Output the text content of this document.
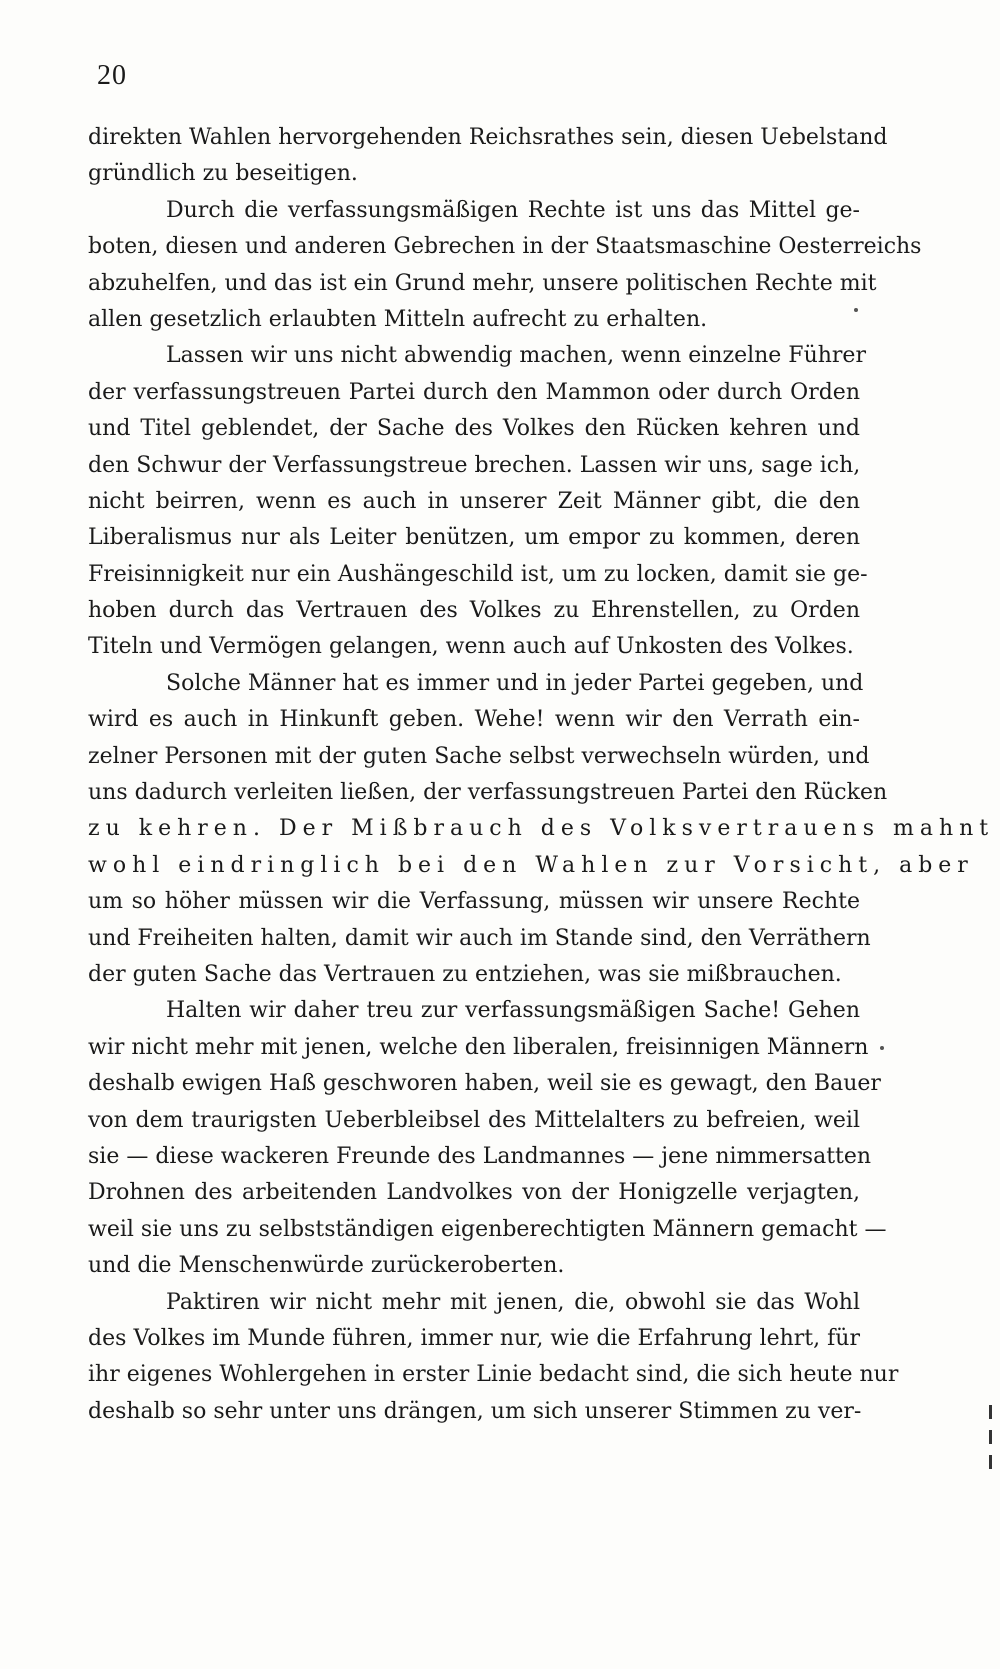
20
direkten Wahlen hervorgehenden Reichsrathes sein, diesen Uebelstand
gründlich zu beseitigen.
Durch die verfassungsmäßigen Rechte ist uns das Mittel ge-
boten, diesen und anderen Gebrechen in der Staatsmaschine Oesterreichs
abzuhelfen, und das ist ein Grund mehr, unsere politischen Rechte mit
allen gesetzlich erlaubten Mitteln aufrecht zu erhalten.
Lassen wir uns nicht abwendig machen, wenn einzelne Führer
der verfassungstreuen Partei durch den Mammon oder durch Orden
und Titel geblendet, der Sache des Volkes den Rücken kehren und
den Schwur der Verfassungstreue brechen. Lassen wir uns, sage ich,
nicht beirren, wenn es auch in unserer Zeit Männer gibt, die den
Liberalismus nur als Leiter benützen, um empor zu kommen, deren
Freisinnigkeit nur ein Aushängeschild ist, um zu locken, damit sie ge-
hoben durch das Vertrauen des Volkes zu Ehrenstellen, zu Orden
Titeln und Vermögen gelangen, wenn auch auf Unkosten des Volkes.
Solche Männer hat es immer und in jeder Partei gegeben, und
wird es auch in Hinkunft geben. Wehe! wenn wir den Verrath ein-
zelner Personen mit der guten Sache selbst verwechseln würden, und
uns dadurch verleiten ließen, der verfassungstreuen Partei den Rücken
zu kehren. Der Mißbrauch des Volksvertrauens mahnt
wohl eindringlich bei den Wahlen zur Vorsicht, aber
um so höher müssen wir die Verfassung, müssen wir unsere Rechte
und Freiheiten halten, damit wir auch im Stande sind, den Verräthern
der guten Sache das Vertrauen zu entziehen, was sie mißbrauchen.
Halten wir daher treu zur verfassungsmäßigen Sache! Gehen
wir nicht mehr mit jenen, welche den liberalen, freisinnigen Männern
deshalb ewigen Haß geschworen haben, weil sie es gewagt, den Bauer
von dem traurigsten Ueberbleibsel des Mittelalters zu befreien, weil
sie — diese wackeren Freunde des Landmannes — jene nimmersatten
Drohnen des arbeitenden Landvolkes von der Honigzelle verjagten,
weil sie uns zu selbstständigen eigenberechtigten Männern gemacht —
und die Menschenwürde zurückeroberten.
Paktiren wir nicht mehr mit jenen, die, obwohl sie das Wohl
des Volkes im Munde führen, immer nur, wie die Erfahrung lehrt, für
ihr eigenes Wohlergehen in erster Linie bedacht sind, die sich heute nur
deshalb so sehr unter uns drängen, um sich unserer Stimmen zu ver-
